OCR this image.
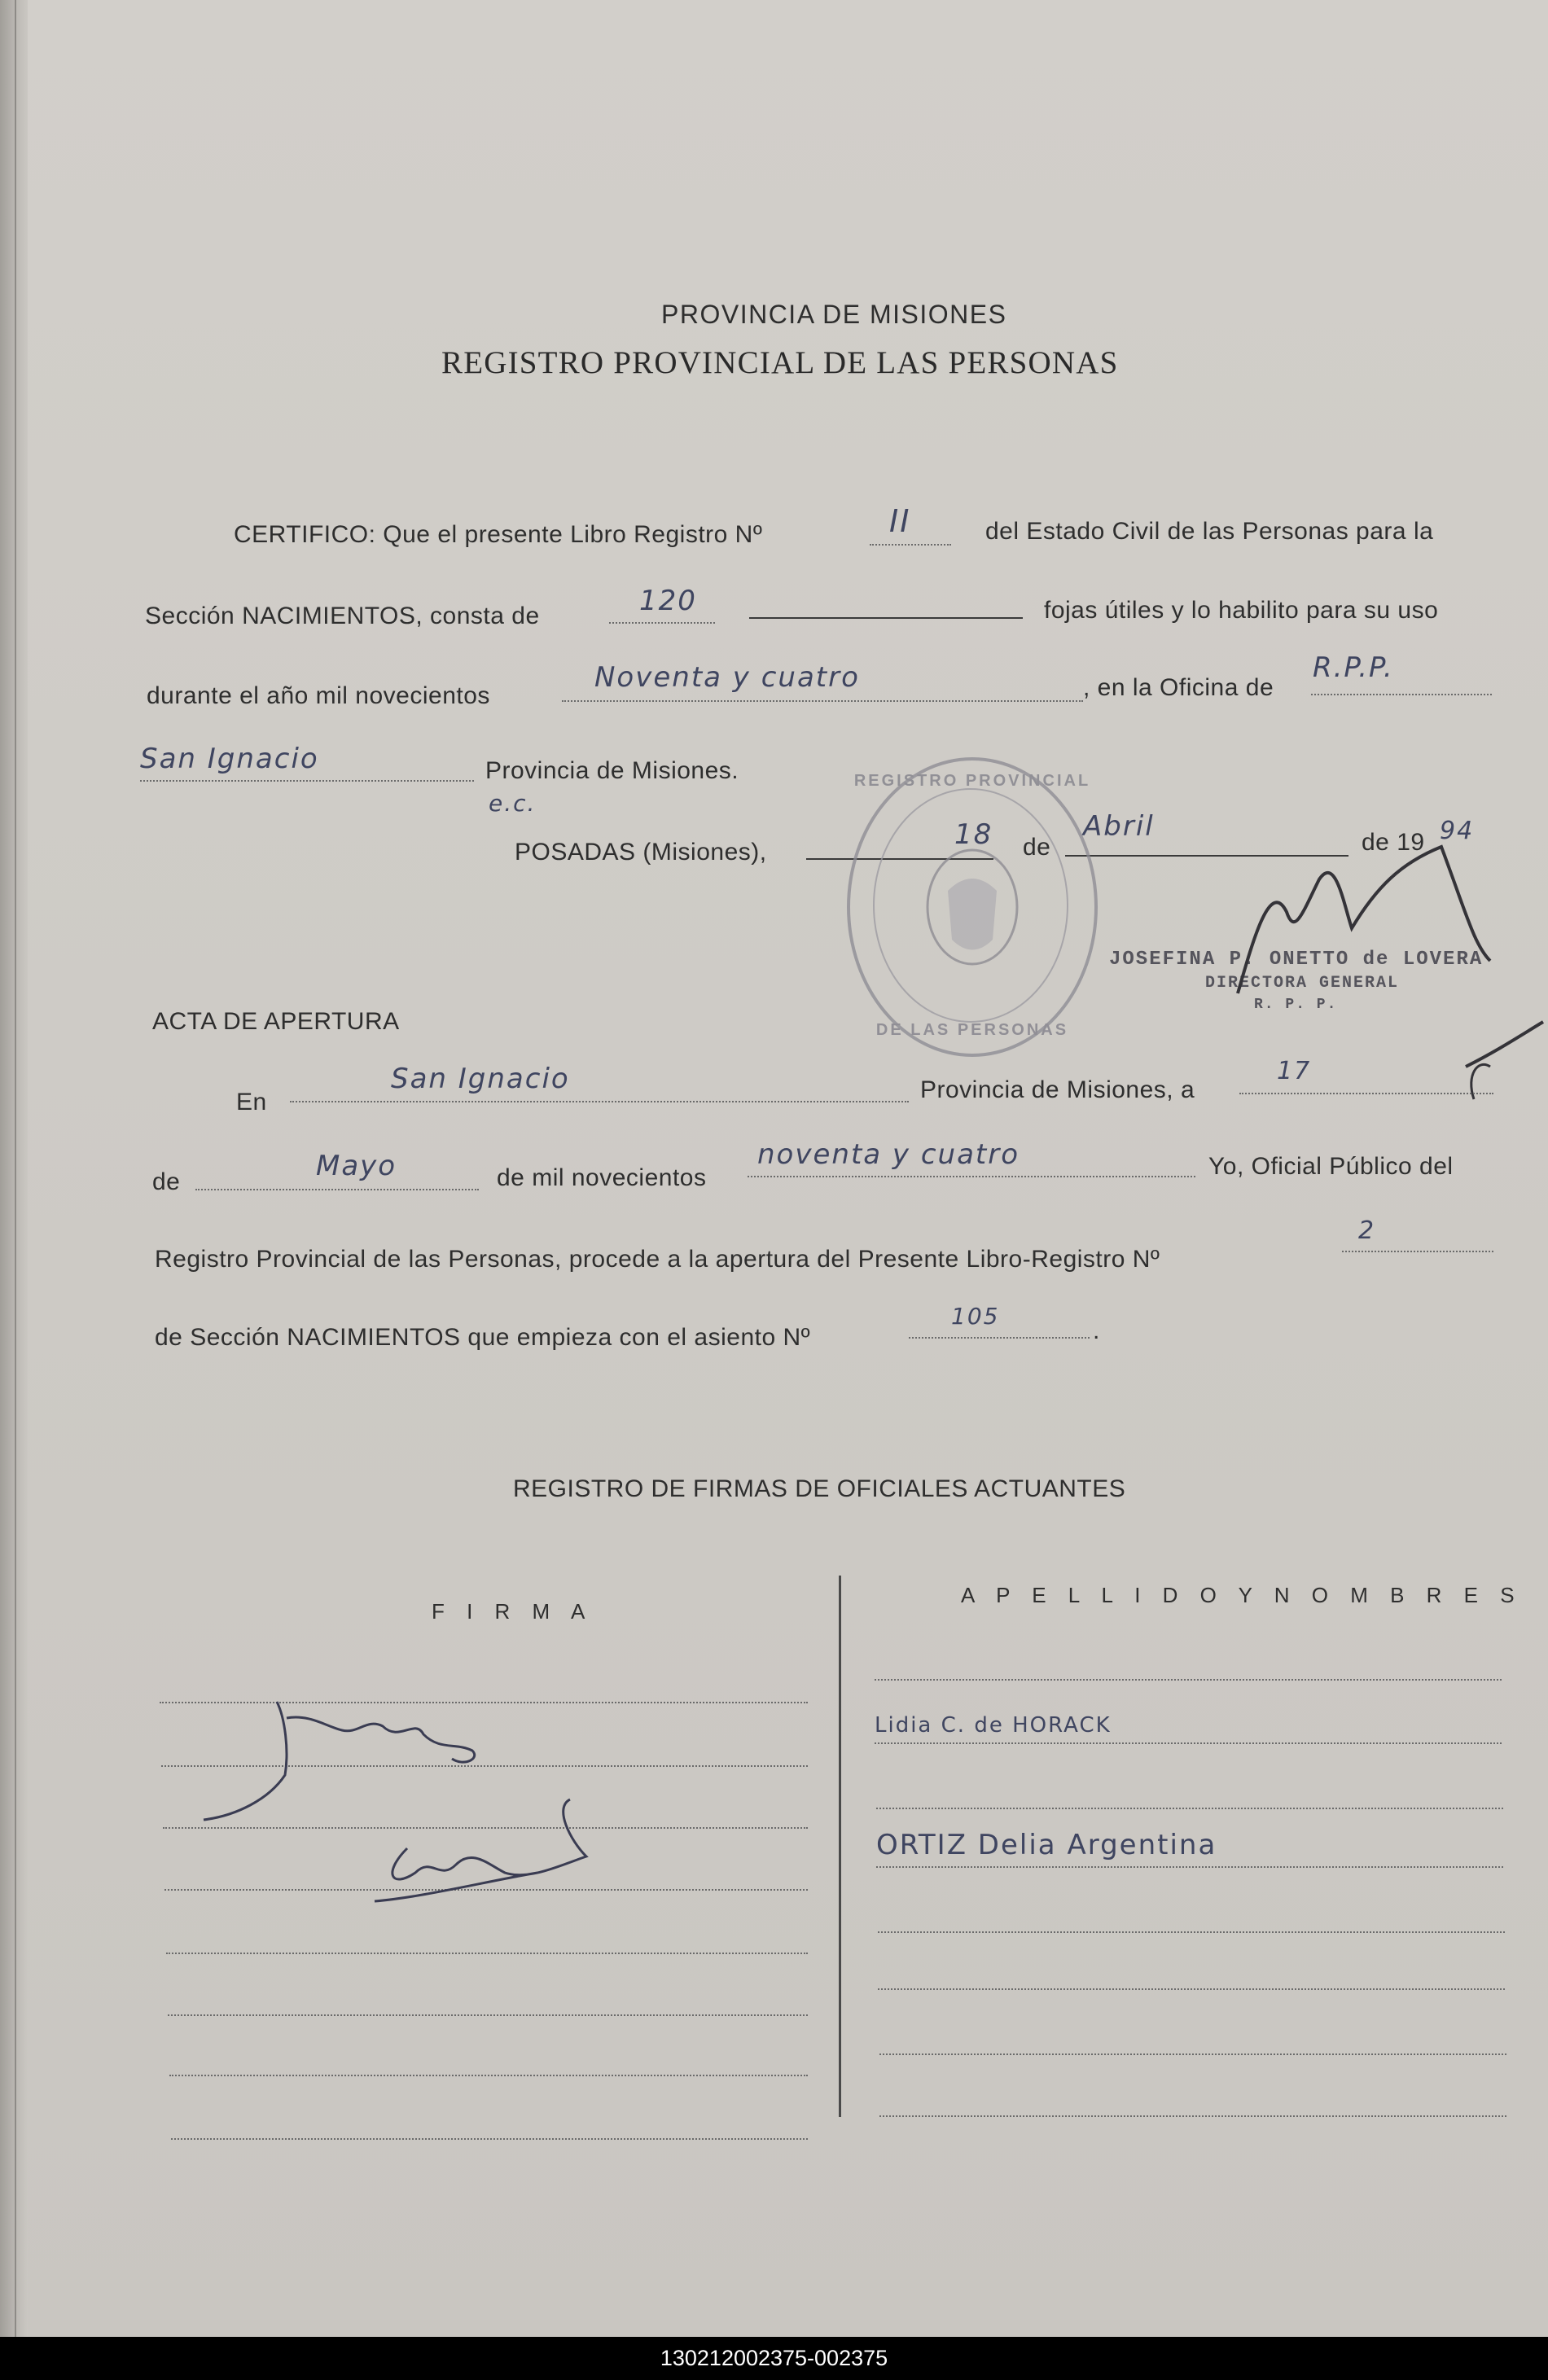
PROVINCIA DE MISIONES
REGISTRO PROVINCIAL DE LAS PERSONAS
CERTIFICO: Que el presente Libro Registro Nº	II	del Estado Civil de las Personas para la
Sección NACIMIENTOS, consta de	120	fojas útiles y lo habilito para su uso
durante el año mil novecientos
Noventa y cuatro	, en la Oficina de
R.P.P.
San Ignacio	Provincia de Misiones.
e.c.
POSADAS (Misiones),
18 de
Abril	de 19 94
REGISTRO PROVINCIAL
DE LAS PERSONAS
JOSEFINA P. ONETTO de LOVERA
DIRECTORA GENERAL
R. P. P.
ACTA DE APERTURA
En
San Ignacio	Provincia de Misiones, a
17
de	Mayo	de mil novecientos
noventa y cuatro	Yo, Oficial Público del
Registro Provincial de las Personas, procede a la apertura del Presente Libro-Registro Nº
2
de Sección NACIMIENTOS que empieza con el asiento Nº
105
.
REGISTRO DE FIRMAS DE OFICIALES ACTUANTES
F I R M A
A P E L L I D O Y N O M B R E S
Lidia C. de HORACK
ORTIZ Delia Argentina
130212002375-002375
